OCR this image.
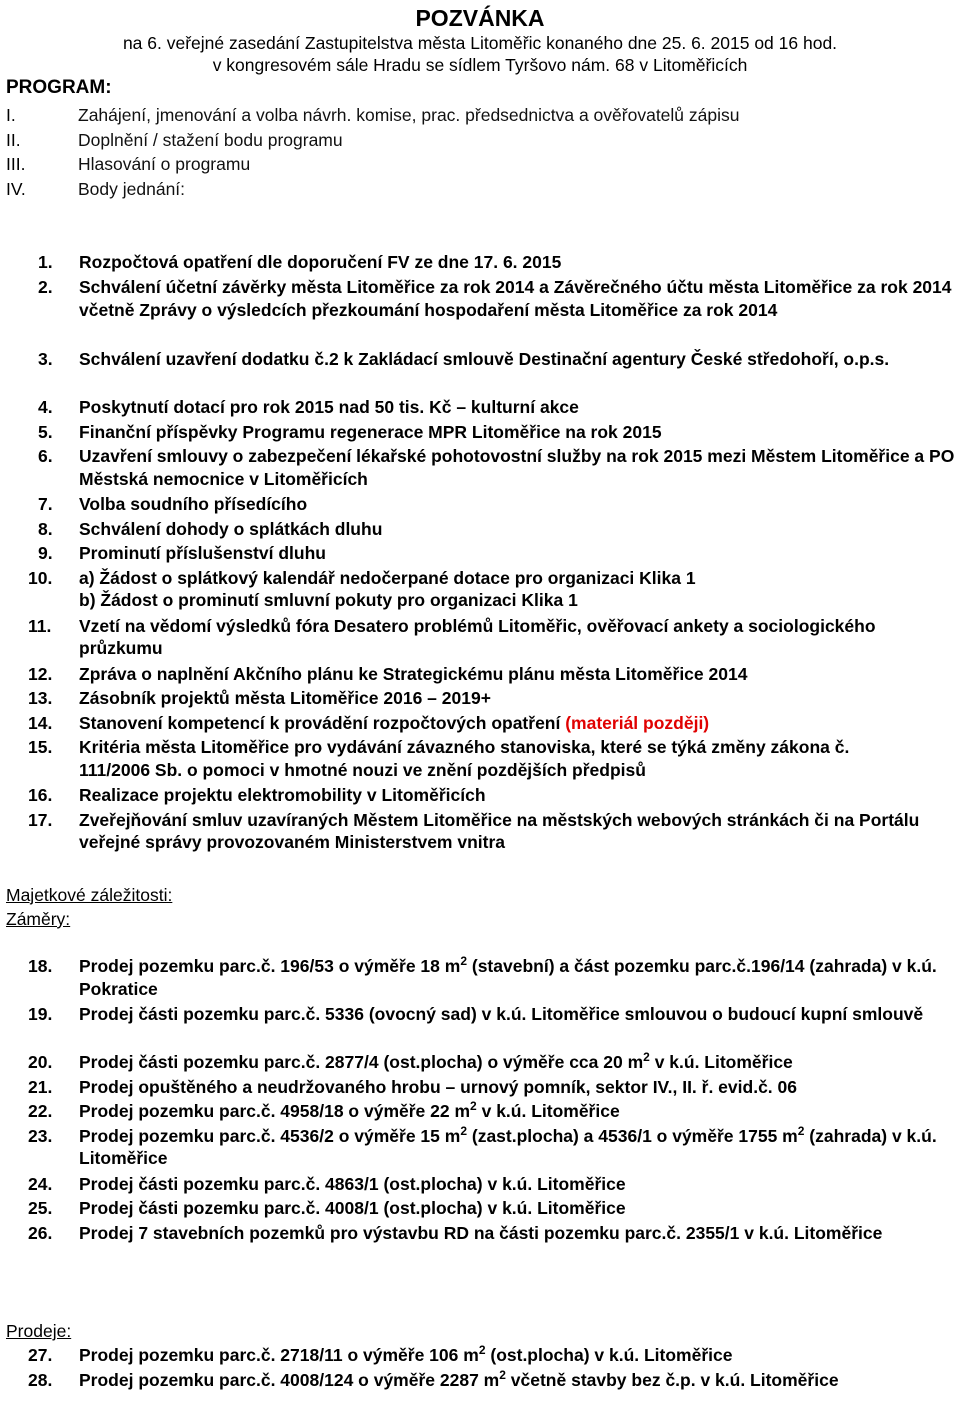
POZVÁNKA
na 6. veřejné zasedání Zastupitelstva města Litoměřic konaného dne 25. 6. 2015 od 16 hod.
v kongresovém sále Hradu se sídlem Tyršovo nám. 68 v Litoměřicích
PROGRAM:
I.	Zahájení, jmenování a volba návrh. komise, prac. předsednictva a ověřovatelů zápisu
II.	Doplnění / stažení bodu programu
III.	Hlasování o programu
IV.	Body jednání:
1.	Rozpočtová opatření dle doporučení FV ze dne 17. 6. 2015
2.	Schválení účetní závěrky města Litoměřice za rok 2014 a Závěrečného účtu města Litoměřice za rok 2014 včetně Zprávy o výsledcích přezkoumání hospodaření města Litoměřice za rok 2014
3.	Schválení uzavření dodatku č.2 k Zakládací smlouvě Destinační agentury České středohoří, o.p.s.
4.	Poskytnutí dotací pro rok 2015 nad 50 tis. Kč – kulturní akce
5.	Finanční příspěvky Programu regenerace MPR Litoměřice na rok 2015
6.	Uzavření smlouvy o zabezpečení lékařské pohotovostní služby na rok 2015 mezi Městem Litoměřice a PO Městská nemocnice v Litoměřicích
7.	Volba soudního přísedícího
8.	Schválení dohody o splátkách dluhu
9.	Prominutí příslušenství dluhu
10.	a) Žádost o splátkový kalendář nedočerpané dotace pro organizaci Klika 1
b) Žádost o prominutí smluvní pokuty pro organizaci Klika 1
11.	Vzetí na vědomí výsledků fóra Desatero problémů Litoměřic, ověřovací ankety a sociologického průzkumu
12.	Zpráva o naplnění Akčního plánu ke Strategickému plánu města Litoměřice 2014
13.	Zásobník projektů města Litoměřice 2016 – 2019+
14.	Stanovení kompetencí k provádění rozpočtových opatření (materiál později)
15.	Kritéria města Litoměřice pro vydávání závazného stanoviska, které se týká změny zákona č. 111/2006 Sb. o pomoci v hmotné nouzi ve znění pozdějších předpisů
16.	Realizace projektu elektromobility v Litoměřicích
17.	Zveřejňování smluv uzavíraných Městem Litoměřice na městských webových stránkách či na Portálu veřejné správy provozovaném Ministerstvem vnitra
Majetkové záležitosti:
Záměry:
18.	Prodej pozemku parc.č. 196/53 o výměře 18 $m^2$ (stavební) a část pozemku parc.č.196/14 (zahrada) v k.ú. Pokratice
19.	Prodej části pozemku parc.č. 5336 (ovocný sad) v k.ú. Litoměřice smlouvou o budoucí kupní smlouvě
20.	Prodej části pozemku parc.č. 2877/4 (ost.plocha) o výměře cca 20 $m^2$ v k.ú. Litoměřice
21.	Prodej opuštěného a neudržovaného hrobu – urnový pomník, sektor IV., II. ř. evid.č. 06
22.	Prodej pozemku parc.č. 4958/18 o výměře 22 $m^2$ v k.ú. Litoměřice
23.	Prodej pozemku parc.č. 4536/2 o výměře 15 $m^2$ (zast.plocha) a 4536/1 o výměře 1755 $m^2$ (zahrada) v k.ú. Litoměřice
24.	Prodej části pozemku parc.č. 4863/1 (ost.plocha) v k.ú. Litoměřice
25.	Prodej části pozemku parc.č. 4008/1 (ost.plocha) v k.ú. Litoměřice
26.	Prodej 7 stavebních pozemků pro výstavbu RD na části pozemku parc.č. 2355/1 v k.ú. Litoměřice
Prodeje:
27.	Prodej pozemku parc.č. 2718/11 o výměře 106 $m^2$ (ost.plocha) v k.ú. Litoměřice
28.	Prodej pozemku parc.č. 4008/124 o výměře 2287 $m^2$ včetně stavby bez č.p. v k.ú. Litoměřice
